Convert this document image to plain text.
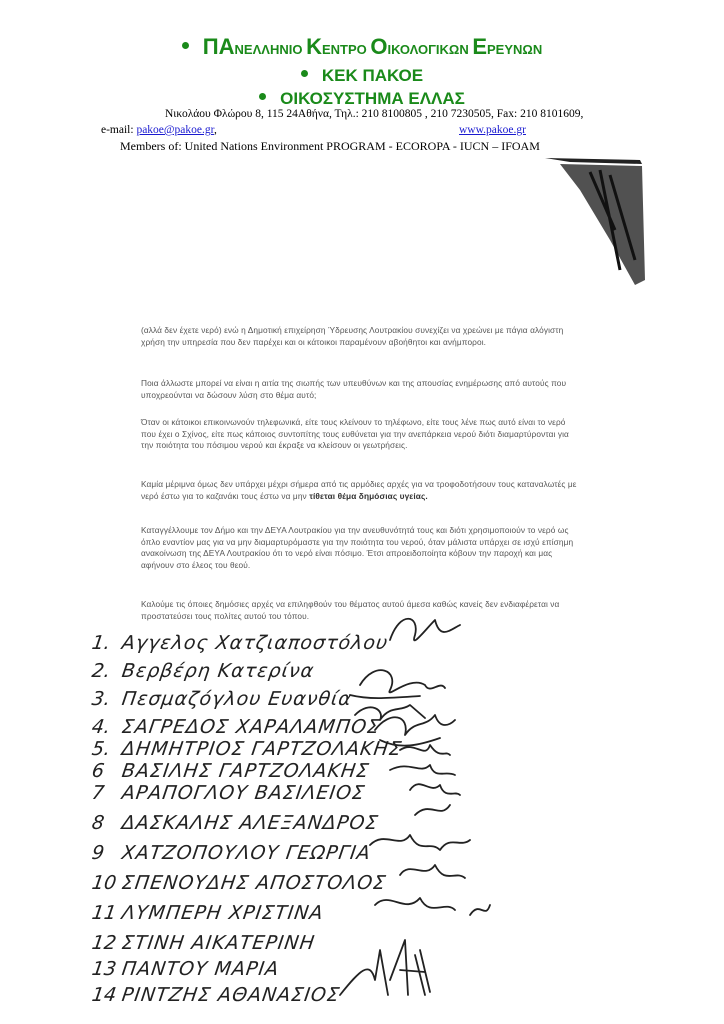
ΠΑΝΕΛΛΗΝΙΟ ΚΕΝΤΡΟ ΟΙΚΟΛΟΓΙΚΩΝ ΕΡΕΥΝΩΝ
ΚΕΚ ΠΑΚΟΕ
ΟΙΚΟΣΥΣΤΗΜΑ ΕΛΛΑΣ
Νικολάου Φλώρου 8, 115 24Αθήνα, Τηλ.: 210 8100805 , 210 7230505, Fax: 210 8101609,
e-mail: pakoe@pakoe.gr,	www.pakoe.gr
Members of: United Nations Environment PROGRAM - ECOROPA - IUCN – IFOAM
(αλλά δεν έχετε νερό) ενώ η Δημοτική επιχείρηση Ύδρευσης Λουτρακίου συνεχίζει να χρεώνει με πάγια αλόγιστη χρήση την υπηρεσία που δεν παρέχει και οι κάτοικοι παραμένουν αβοήθητοι και ανήμποροι.
Ποια άλλωστε μπορεί να είναι η αιτία της σιωπής των υπευθύνων και της απουσίας ενημέρωσης από αυτούς που υποχρεούνται να δώσουν λύση στο θέμα αυτό;
Όταν οι κάτοικοι επικοινωνούν τηλεφωνικά, είτε τους κλείνουν το τηλέφωνο, είτε τους λένε πως αυτό είναι το νερό που έχει ο Σχίνος, είτε πως κάποιος συντοπίτης τους ευθύνεται για την ανεπάρκεια νερού διότι διαμαρτύρονται για την ποιότητα του πόσιμου νερού και έκραξε να κλείσουν οι γεωτρήσεις.
Καμία μέριμνα όμως δεν υπάρχει μέχρι σήμερα από τις αρμόδιες αρχές για να τροφοδοτήσουν τους καταναλωτές με νερό έστω για το καζανάκι τους έστω να μην τίθεται θέμα δημόσιας υγείας.
Καταγγέλλουμε τον Δήμο και την ΔΕΥΑ Λουτρακίου για την ανευθυνότητά τους και διότι χρησιμοποιούν το νερό ως όπλο εναντίον μας για να μην διαμαρτυρόμαστε για την ποιότητα του νερού, όταν μάλιστα υπάρχει σε ισχύ επίσημη ανακοίνωση της ΔΕΥΑ Λουτρακίου ότι το νερό είναι πόσιμο. Έτσι απροειδοποίητα κόβουν την παροχή και μας αφήνουν στο έλεος του θεού.
Καλούμε τις όποιες δημόσιες αρχές να επιληφθούν του θέματος αυτού άμεσα καθώς κανείς δεν ενδιαφέρεται να προστατεύσει τους πολίτες αυτού του τόπου.
1. Αγγελος Χατζιαποστόλου
2. Βερβέρη Κατερίνα
3. Πεσμαζόγλου Ευανθία
4. ΣΑΓΡΕΔΟΣ ΧΑΡΑΛΑΜΠΟΣ
5. ΔΗΜΗΤΡΙΟΣ ΓΑΡΤΖΟΛΑΚΗΣ
6 ΒΑΣΙΛΗΣ ΓΑΡΤΖΟΛΑΚΗΣ
7 ΑΡΑΠΟΓΛΟΥ ΒΑΣΙΛΕΙΟΣ
8 ΔΑΣΚΑΛΗΣ ΑΛΕΞΑΝΔΡΟΣ
9 ΧΑΤΖΟΠΟΥΛΟΥ ΓΕΩΡΓΙΑ
10 ΣΠΕΝΟΥΔΗΣ ΑΠΟΣΤΟΛΟΣ
11 ΛΥΜΠΕΡΗ ΧΡΙΣΤΙΝΑ
12 ΣΤΙΝΗ ΑΙΚΑΤΕΡΙΝΗ
13 ΠΑΝΤΟΥ ΜΑΡΙΑ
14 ΡΙΝΤΖΗΣ ΑΘΑΝΑΣΙΟΣ
